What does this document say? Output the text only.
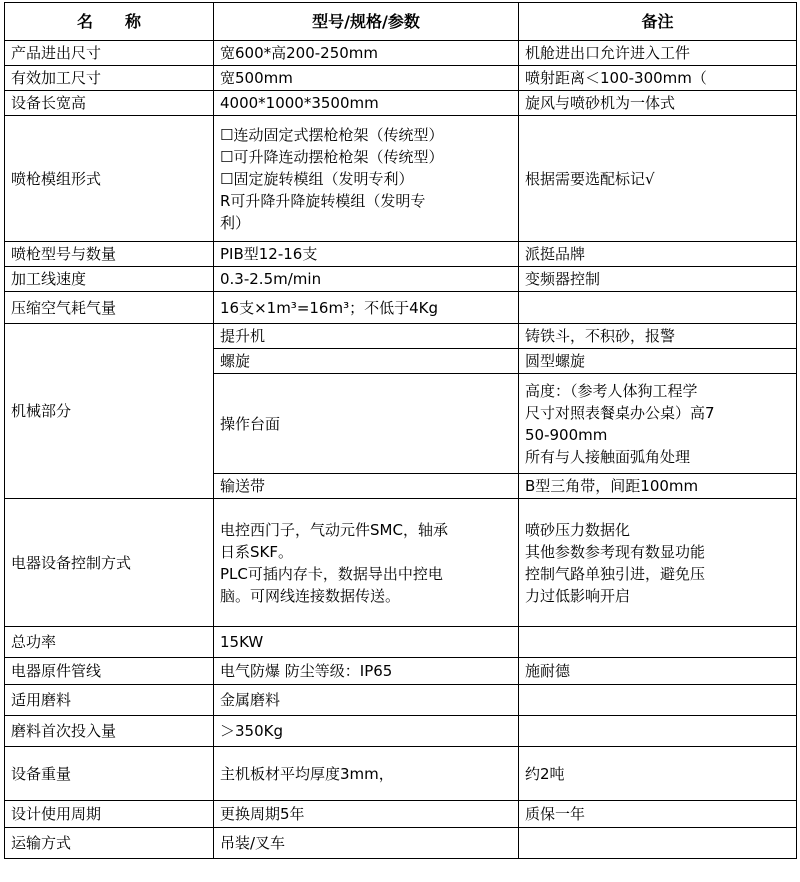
名　　称	型号/规格/参数	备注
产品进出尺寸	宽600*高200-250mm	机舱进出口允许进入工件
有效加工尺寸	宽500mm	喷射距离＜100-300mm（
设备长宽高	4000*1000*3500mm	旋风与喷砂机为一体式
喷枪模组形式	☐连动固定式摆枪枪架（传统型）
☐可升降连动摆枪枪架（传统型）
☐固定旋转模组（发明专利）
R可升降升降旋转模组（发明专
利）	根据需要选配标记√
喷枪型号与数量	PIB型12-16支	派挺品牌
加工线速度	0.3-2.5m/min	变频器控制
压缩空气耗气量	16支×1m³=16m³；不低于4Kg	
机械部分	提升机	铸铁斗，不积砂，报警
	螺旋	圆型螺旋
	操作台面	高度：（参考人体狗工程学
尺寸对照表餐桌办公桌）高7
50-900mm
所有与人接触面弧角处理
	输送带	B型三角带，间距100mm
电器设备控制方式	电控西门子，气动元件SMC，轴承
日系SKF。
PLC可插内存卡，数据导出中控电
脑。可网线连接数据传送。	喷砂压力数据化
其他参数参考现有数显功能
控制气路单独引进，避免压
力过低影响开启
总功率	15KW	
电器原件管线	电气防爆 防尘等级：IP65	施耐德
适用磨料	金属磨料	
磨料首次投入量	＞350Kg	
设备重量	主机板材平均厚度3mm，	约2吨
设计使用周期	更换周期5年	质保一年
运输方式	吊装/叉车	
